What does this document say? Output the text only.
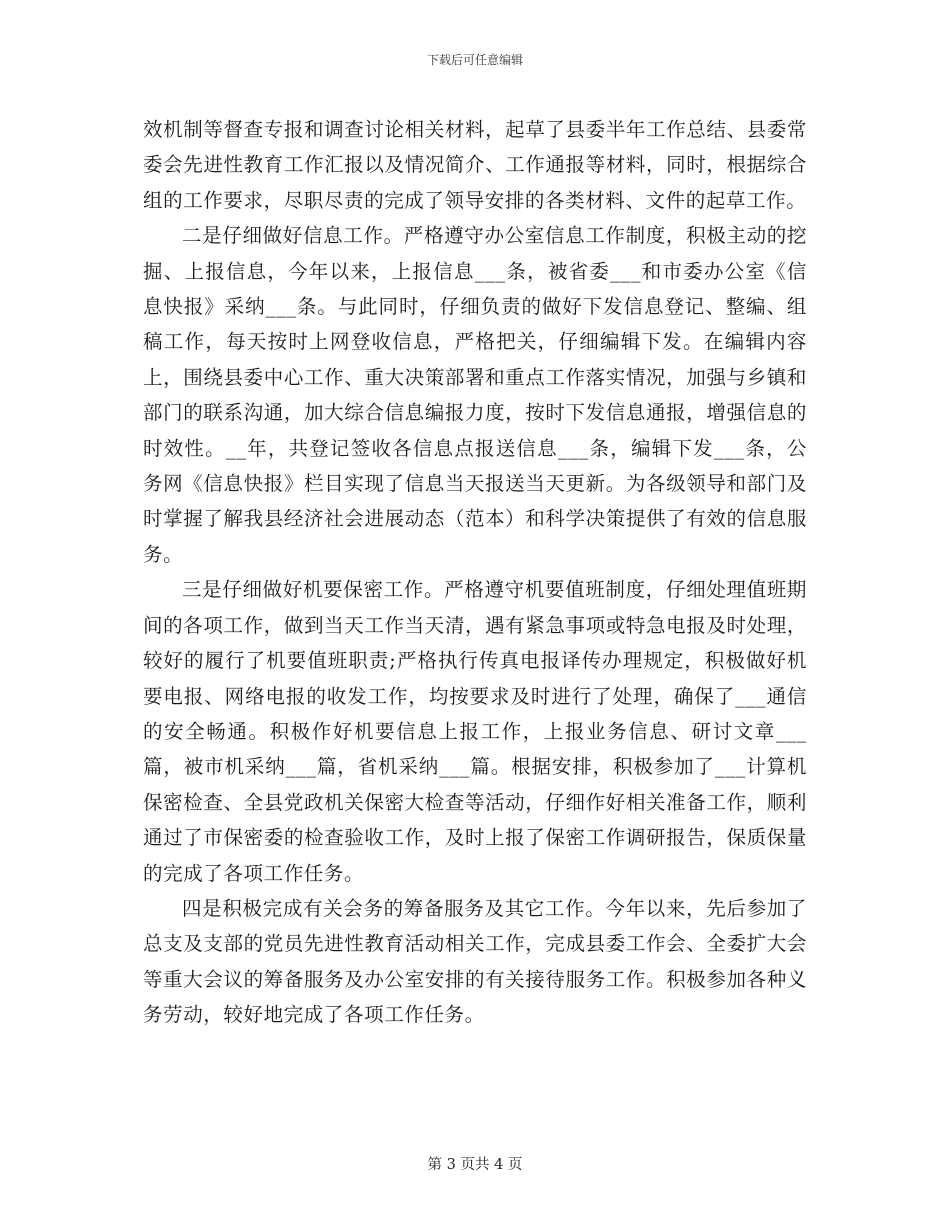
下载后可任意编辑

效机制等督查专报和调查讨论相关材料，起草了县委半年工作总结、县委常委会先进性教育工作汇报以及情况简介、工作通报等材料，同时，根据综合组的工作要求，尽职尽责的完成了领导安排的各类材料、文件的起草工作。

二是仔细做好信息工作。严格遵守办公室信息工作制度，积极主动的挖掘、上报信息，今年以来，上报信息___条，被省委___和市委办公室《信息快报》采纳___条。与此同时，仔细负责的做好下发信息登记、整编、组稿工作，每天按时上网登收信息，严格把关，仔细编辑下发。在编辑内容上，围绕县委中心工作、重大决策部署和重点工作落实情况，加强与乡镇和部门的联系沟通，加大综合信息编报力度，按时下发信息通报，增强信息的时效性。__年，共登记签收各信息点报送信息___条，编辑下发___条，公务网《信息快报》栏目实现了信息当天报送当天更新。为各级领导和部门及时掌握了解我县经济社会进展动态（范本）和科学决策提供了有效的信息服务。

三是仔细做好机要保密工作。严格遵守机要值班制度，仔细处理值班期间的各项工作，做到当天工作当天清，遇有紧急事项或特急电报及时处理，较好的履行了机要值班职责;严格执行传真电报译传办理规定，积极做好机要电报、网络电报的收发工作，均按要求及时进行了处理，确保了___通信的安全畅通。积极作好机要信息上报工作，上报业务信息、研讨文章___篇，被市机采纳___篇，省机采纳___篇。根据安排，积极参加了___计算机保密检查、全县党政机关保密大检查等活动，仔细作好相关准备工作，顺利通过了市保密委的检查验收工作，及时上报了保密工作调研报告，保质保量的完成了各项工作任务。

四是积极完成有关会务的筹备服务及其它工作。今年以来，先后参加了总支及支部的党员先进性教育活动相关工作，完成县委工作会、全委扩大会等重大会议的筹备服务及办公室安排的有关接待服务工作。积极参加各种义务劳动，较好地完成了各项工作任务。

第 3 页共 4 页
